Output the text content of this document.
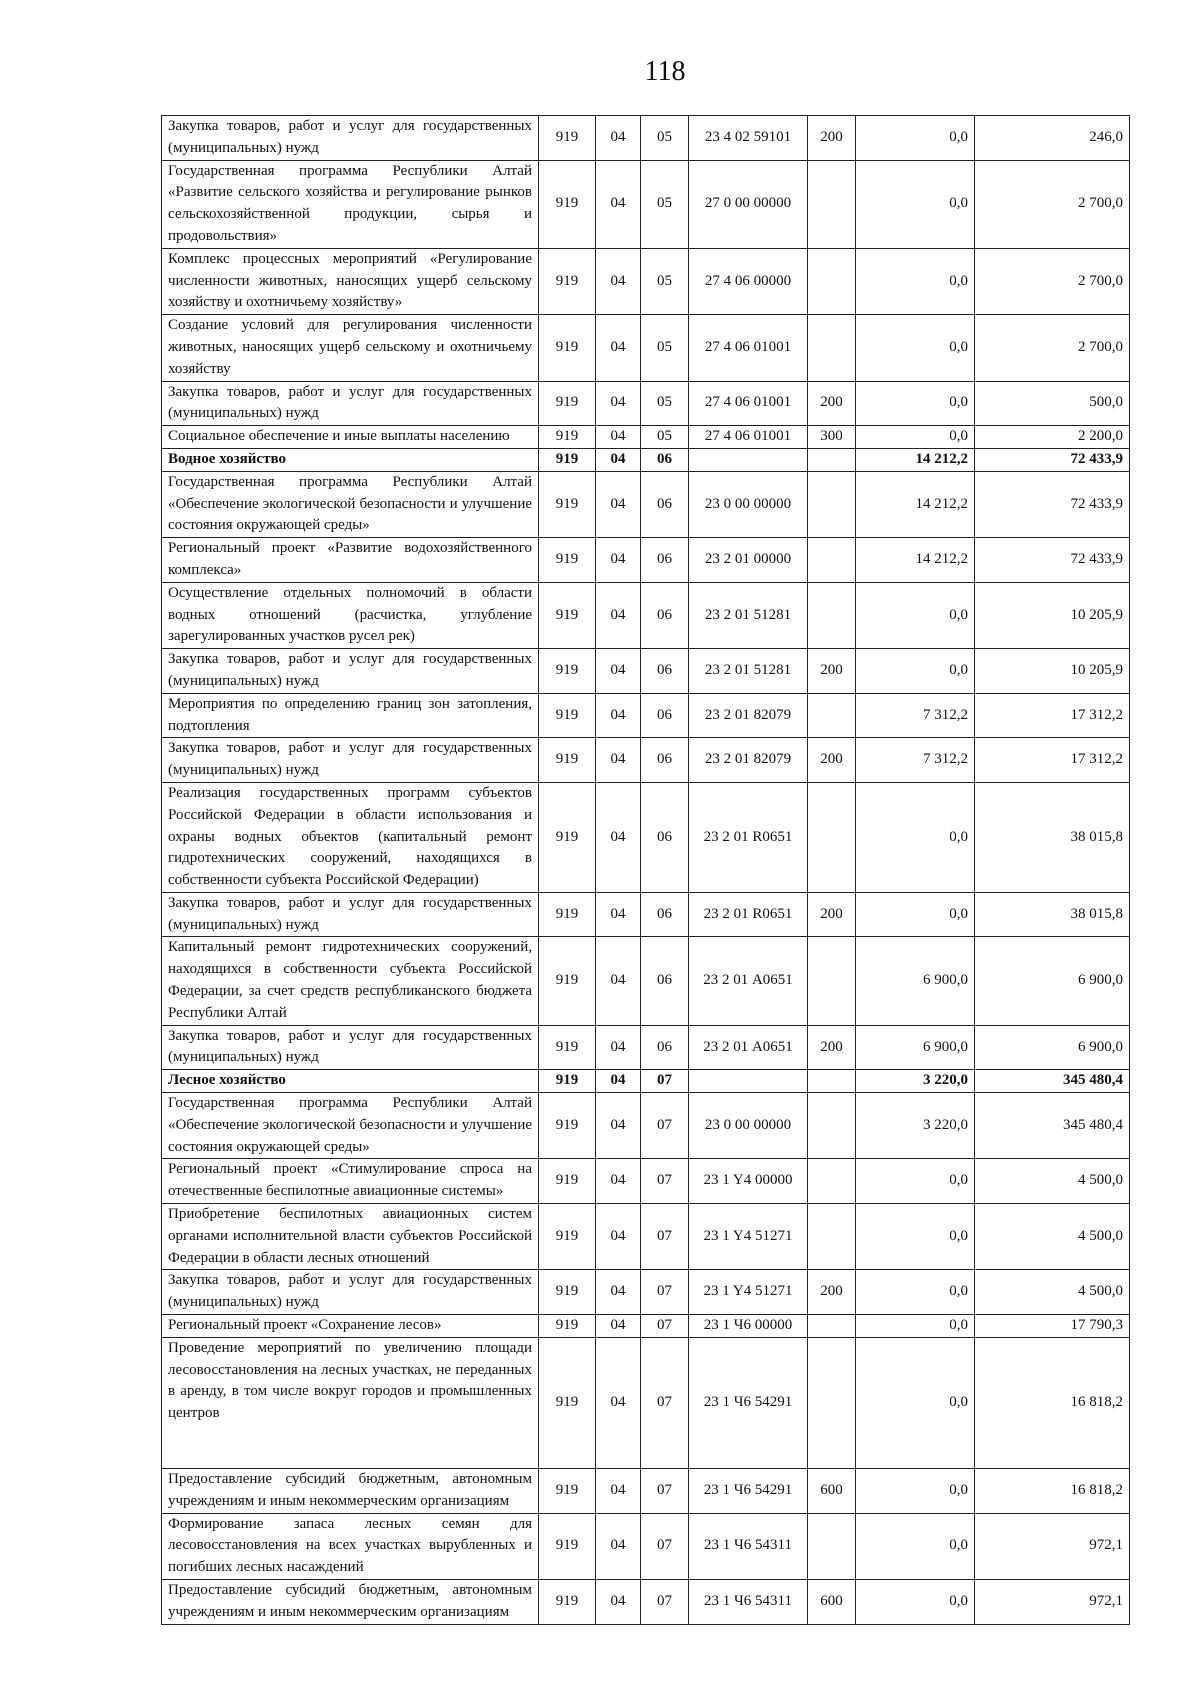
118
Закупка товаров, работ и услуг для государственных (муниципальных) нужд	919	04	05	23 4 02 59101	200	0,0	246,0
Государственная программа Республики Алтай «Развитие сельского хозяйства и регулирование рынков сельскохозяйственной продукции, сырья и продовольствия»	919	04	05	27 0 00 00000		0,0	2 700,0
Комплекс процессных мероприятий «Регулирование численности животных, наносящих ущерб сельскому хозяйству и охотничьему хозяйству»	919	04	05	27 4 06 00000		0,0	2 700,0
Создание условий для регулирования численности животных, наносящих ущерб сельскому и охотничьему хозяйству	919	04	05	27 4 06 01001		0,0	2 700,0
Закупка товаров, работ и услуг для государственных (муниципальных) нужд	919	04	05	27 4 06 01001	200	0,0	500,0
Социальное обеспечение и иные выплаты населению	919	04	05	27 4 06 01001	300	0,0	2 200,0
Водное хозяйство	919	04	06			14 212,2	72 433,9
Государственная программа Республики Алтай «Обеспечение экологической безопасности и улучшение состояния окружающей среды»	919	04	06	23 0 00 00000		14 212,2	72 433,9
Региональный проект «Развитие водохозяйственного комплекса»	919	04	06	23 2 01 00000		14 212,2	72 433,9
Осуществление отдельных полномочий в области водных отношений (расчистка, углубление зарегулированных участков русел рек)	919	04	06	23 2 01 51281		0,0	10 205,9
Закупка товаров, работ и услуг для государственных (муниципальных) нужд	919	04	06	23 2 01 51281	200	0,0	10 205,9
Мероприятия по определению границ зон затопления, подтопления	919	04	06	23 2 01 82079		7 312,2	17 312,2
Закупка товаров, работ и услуг для государственных (муниципальных) нужд	919	04	06	23 2 01 82079	200	7 312,2	17 312,2
Реализация государственных программ субъектов Российской Федерации в области использования и охраны водных объектов (капитальный ремонт гидротехнических сооружений, находящихся в собственности субъекта Российской Федерации)	919	04	06	23 2 01 R0651		0,0	38 015,8
Закупка товаров, работ и услуг для государственных (муниципальных) нужд	919	04	06	23 2 01 R0651	200	0,0	38 015,8
Капитальный ремонт гидротехнических сооружений, находящихся в собственности субъекта Российской Федерации, за счет средств республиканского бюджета Республики Алтай	919	04	06	23 2 01 А0651		6 900,0	6 900,0
Закупка товаров, работ и услуг для государственных (муниципальных) нужд	919	04	06	23 2 01 А0651	200	6 900,0	6 900,0
Лесное хозяйство	919	04	07			3 220,0	345 480,4
Государственная программа Республики Алтай «Обеспечение экологической безопасности и улучшение состояния окружающей среды»	919	04	07	23 0 00 00000		3 220,0	345 480,4
Региональный проект «Стимулирование спроса на отечественные беспилотные авиационные системы»	919	04	07	23 1 Y4 00000		0,0	4 500,0
Приобретение беспилотных авиационных систем органами исполнительной власти субъектов Российской Федерации в области лесных отношений	919	04	07	23 1 Y4 51271		0,0	4 500,0
Закупка товаров, работ и услуг для государственных (муниципальных) нужд	919	04	07	23 1 Y4 51271	200	0,0	4 500,0
Региональный проект «Сохранение лесов»	919	04	07	23 1 Ч6 00000		0,0	17 790,3
Проведение мероприятий по увеличению площади лесовосстановления на лесных участках, не переданных в аренду, в том числе вокруг городов и промышленных центров	919	04	07	23 1 Ч6 54291		0,0	16 818,2
Предоставление субсидий бюджетным, автономным учреждениям и иным некоммерческим организациям	919	04	07	23 1 Ч6 54291	600	0,0	16 818,2
Формирование запаса лесных семян для лесовосстановления на всех участках вырубленных и погибших лесных насаждений	919	04	07	23 1 Ч6 54311		0,0	972,1
Предоставление субсидий бюджетным, автономным учреждениям и иным некоммерческим организациям	919	04	07	23 1 Ч6 54311	600	0,0	972,1
